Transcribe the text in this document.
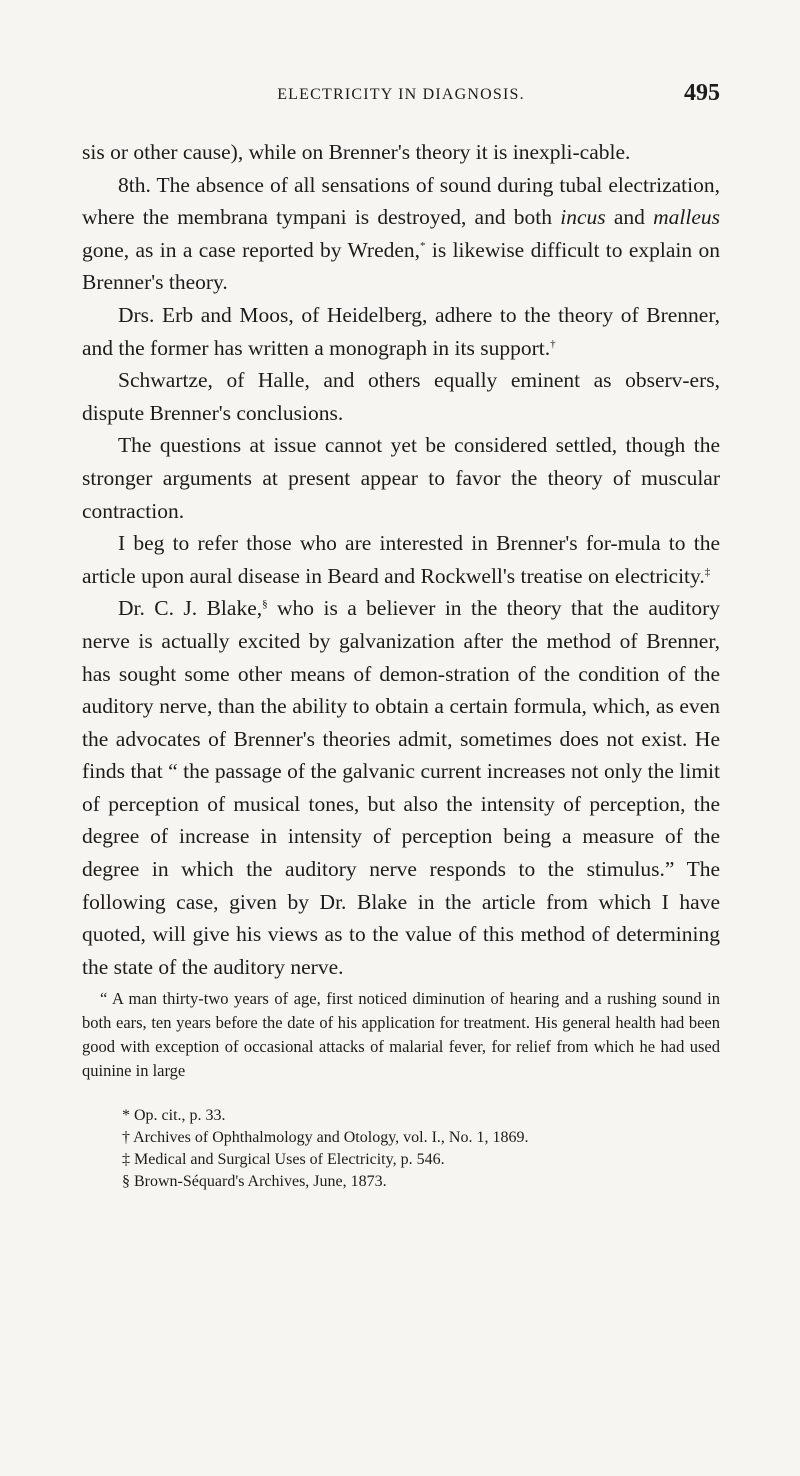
ELECTRICITY IN DIAGNOSIS.	495

sis or other cause), while on Brenner's theory it is inexpli-cable.

8th. The absence of all sensations of sound during tubal electrization, where the membrana tympani is destroyed, and both incus and malleus gone, as in a case reported by Wreden,* is likewise difficult to explain on Brenner's theory.

Drs. Erb and Moos, of Heidelberg, adhere to the theory of Brenner, and the former has written a monograph in its support.†

Schwartze, of Halle, and others equally eminent as observ-ers, dispute Brenner's conclusions.

The questions at issue cannot yet be considered settled, though the stronger arguments at present appear to favor the theory of muscular contraction.

I beg to refer those who are interested in Brenner's for-mula to the article upon aural disease in Beard and Rockwell's treatise on electricity.‡

Dr. C. J. Blake,§ who is a believer in the theory that the auditory nerve is actually excited by galvanization after the method of Brenner, has sought some other means of demon-stration of the condition of the auditory nerve, than the ability to obtain a certain formula, which, as even the advocates of Brenner's theories admit, sometimes does not exist. He finds that “ the passage of the galvanic current increases not only the limit of perception of musical tones, but also the intensity of perception, the degree of increase in intensity of perception being a measure of the degree in which the auditory nerve responds to the stimulus.” The following case, given by Dr. Blake in the article from which I have quoted, will give his views as to the value of this method of determining the state of the auditory nerve.

“ A man thirty-two years of age, first noticed diminution of hearing and a rushing sound in both ears, ten years before the date of his application for treatment. His general health had been good with exception of occasional attacks of malarial fever, for relief from which he had used quinine in large

* Op. cit., p. 33.
† Archives of Ophthalmology and Otology, vol. I., No. 1, 1869.
‡ Medical and Surgical Uses of Electricity, p. 546.
§ Brown-Séquard's Archives, June, 1873.
